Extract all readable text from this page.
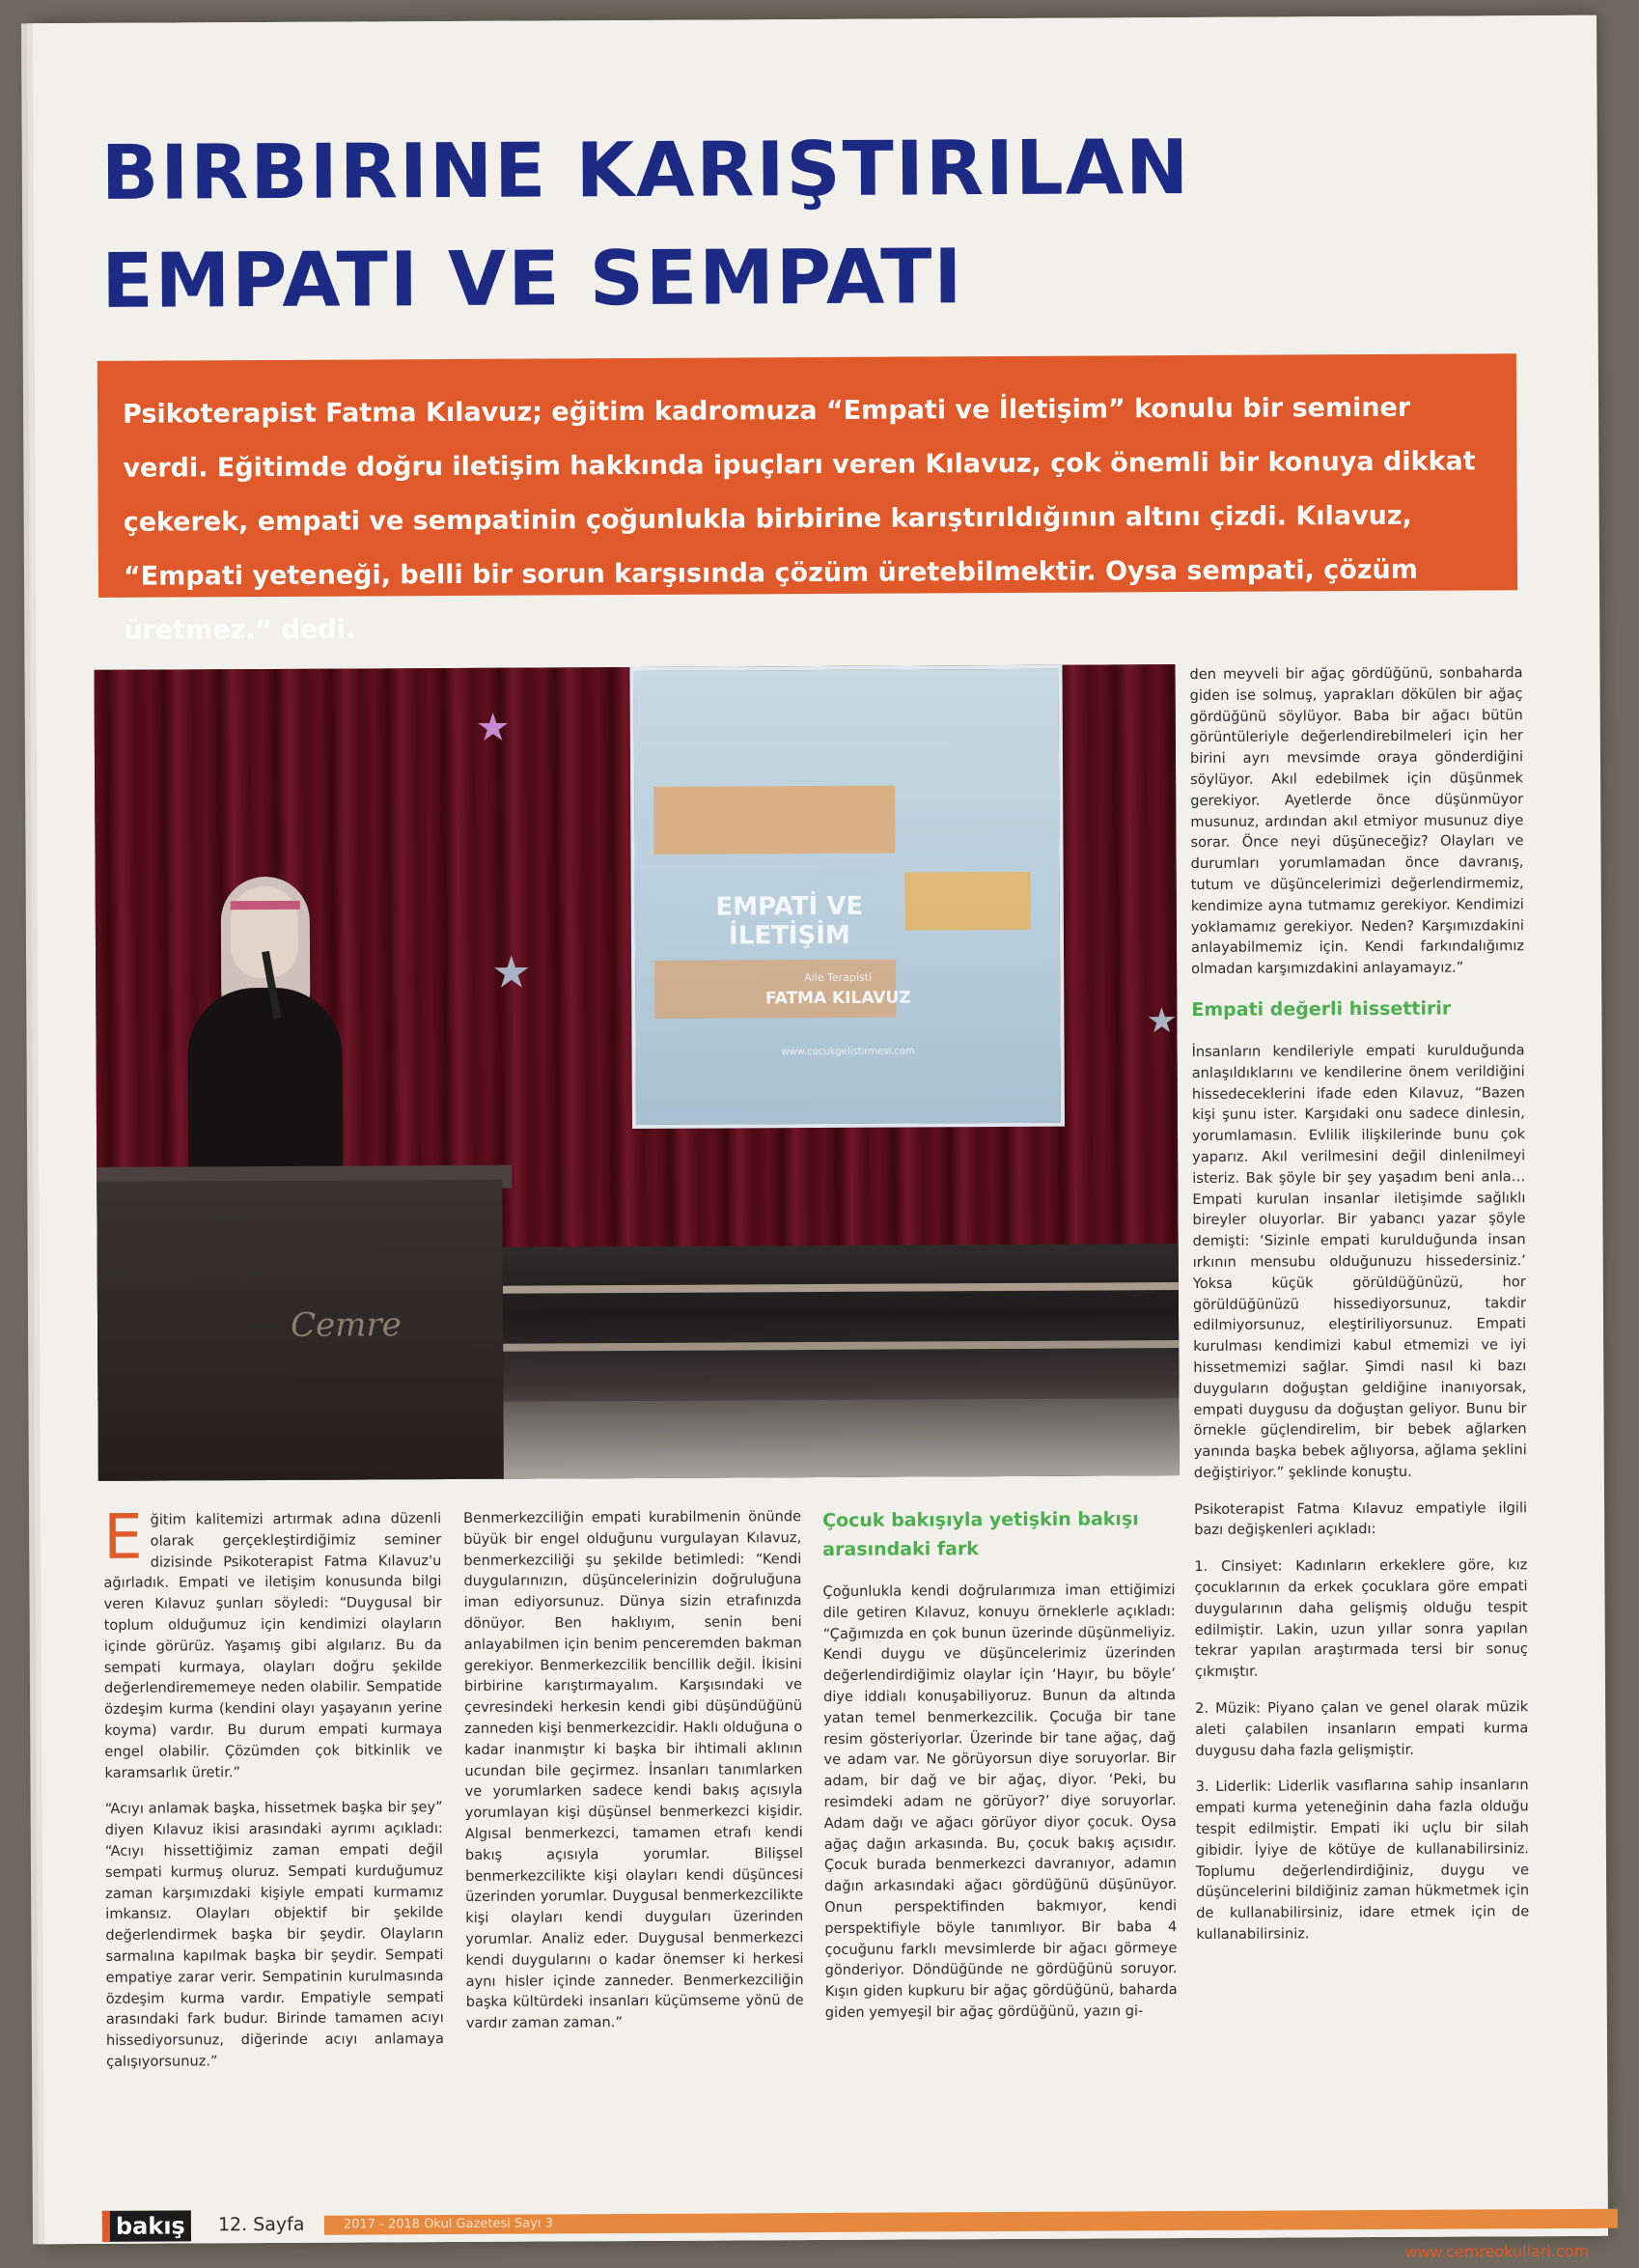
BIRBIRINE KARIŞTIRILAN
EMPATI VE SEMPATI
Psikoterapist Fatma Kılavuz; eğitim kadromuza “Empati ve İletişim” konulu bir seminer verdi. Eğitimde doğru iletişim hakkında ipuçları veren Kılavuz, çok önemli bir konuya dikkat çekerek, empati ve sempatinin çoğunlukla birbirine karıştırıldığının altını çizdi. Kılavuz, “Empati yeteneği, belli bir sorun karşısında çözüm üretebilmektir. Oysa sempati, çözüm üretmez.” dedi.
EMPATİ VE İLETİŞİM
Aile Terapisti
FATMA KILAVUZ
www.cocukgelistirmesi.com
★
★
★
Cemre

den meyveli bir ağaç gördüğünü, sonbaharda giden ise solmuş, yaprakları dökülen bir ağaç gördüğünü söylüyor. Baba bir ağacı bütün görüntüleriyle değerlendirebilmeleri için her birini ayrı mevsimde oraya gönderdiğini söylüyor. Akıl edebilmek için düşünmek gerekiyor. Ayetlerde önce düşünmüyor musunuz, ardından akıl etmiyor musunuz diye sorar. Önce neyi düşüneceğiz? Olayları ve durumları yorumlamadan önce davranış, tutum ve düşüncelerimizi değerlendirmemiz, kendimize ayna tutmamız gerekiyor. Kendimizi yoklamamız gerekiyor. Neden? Karşımızdakini anlayabilmemiz için. Kendi farkındalığımız olmadan karşımızdakini anlayamayız.”

Empati değerli hissettirir

İnsanların kendileriyle empati kurulduğunda anlaşıldıklarını ve kendilerine önem verildiğini hissedeceklerini ifade eden Kılavuz, “Bazen kişi şunu ister. Karşıdaki onu sadece dinlesin, yorumlamasın. Evlilik ilişkilerinde bunu çok yaparız. Akıl verilmesini değil dinlenilmeyi isteriz. Bak şöyle bir şey yaşadım beni anla… Empati kurulan insanlar iletişimde sağlıklı bireyler oluyorlar. Bir yabancı yazar şöyle demişti: ‘Sizinle empati kurulduğunda insan ırkının mensubu olduğunuzu hissedersiniz.’ Yoksa küçük görüldüğünüzü, hor görüldüğünüzü hissediyorsunuz, takdir edilmiyorsunuz, eleştiriliyorsunuz. Empati kurulması kendimizi kabul etmemizi ve iyi hissetmemizi sağlar. Şimdi nasıl ki bazı duyguların doğuştan geldiğine inanıyorsak, empati duygusu da doğuştan geliyor. Bunu bir örnekle güçlendirelim, bir bebek ağlarken yanında başka bebek ağlıyorsa, ağlama şeklini değiştiriyor.” şeklinde konuştu.

Psikoterapist Fatma Kılavuz empatiyle ilgili bazı değişkenleri açıkladı:

1. Cinsiyet: Kadınların erkeklere göre, kız çocuklarının da erkek çocuklara göre empati duygularının daha gelişmiş olduğu tespit edilmiştir. Lakin, uzun yıllar sonra yapılan tekrar yapılan araştırmada tersi bir sonuç çıkmıştır.

2. Müzik: Piyano çalan ve genel olarak müzik aleti çalabilen insanların empati kurma duygusu daha fazla gelişmiştir.

3. Liderlik: Liderlik vasıflarına sahip insanların empati kurma yeteneğinin daha fazla olduğu tespit edilmiştir. Empati iki uçlu bir silah gibidir. İyiye de kötüye de kullanabilirsiniz. Toplumu değerlendirdiğiniz, duygu ve düşüncelerini bildiğiniz zaman hükmetmek için de kullanabilirsiniz, idare etmek için de kullanabilirsiniz.

Eğitim kalitemizi artırmak adına düzenli olarak gerçekleştirdiğimiz seminer dizisinde Psikoterapist Fatma Kılavuz'u ağırladık. Empati ve iletişim konusunda bilgi veren Kılavuz şunları söyledi: “Duygusal bir toplum olduğumuz için kendimizi olayların içinde görürüz. Yaşamış gibi algılarız. Bu da sempati kurmaya, olayları doğru şekilde değerlendirememeye neden olabilir. Sempatide özdeşim kurma (kendini olayı yaşayanın yerine koyma) vardır. Bu durum empati kurmaya engel olabilir. Çözümden çok bitkinlik ve karamsarlık üretir.”

“Acıyı anlamak başka, hissetmek başka bir şey” diyen Kılavuz ikisi arasındaki ayrımı açıkladı: “Acıyı hissettiğimiz zaman empati değil sempati kurmuş oluruz. Sempati kurduğumuz zaman karşımızdaki kişiyle empati kurmamız imkansız. Olayları objektif bir şekilde değerlendirmek başka bir şeydir. Olayların sarmalına kapılmak başka bir şeydir. Sempati empatiye zarar verir. Sempatinin kurulmasında özdeşim kurma vardır. Empatiyle sempati arasındaki fark budur. Birinde tamamen acıyı hissediyorsunuz, diğerinde acıyı anlamaya çalışıyorsunuz.”

Benmerkezciliğin empati kurabilmenin önünde büyük bir engel olduğunu vurgulayan Kılavuz, benmerkezciliği şu şekilde betimledi: “Kendi duygularınızın, düşüncelerinizin doğruluğuna iman ediyorsunuz. Dünya sizin etrafınızda dönüyor. Ben haklıyım, senin beni anlayabilmen için benim penceremden bakman gerekiyor. Benmerkezcilik bencillik değil. İkisini birbirine karıştırmayalım. Karşısındaki ve çevresindeki herkesin kendi gibi düşündüğünü zanneden kişi benmerkezcidir. Haklı olduğuna o kadar inanmıştır ki başka bir ihtimali aklının ucundan bile geçirmez. İnsanları tanımlarken ve yorumlarken sadece kendi bakış açısıyla yorumlayan kişi düşünsel benmerkezci kişidir. Algısal benmerkezci, tamamen etrafı kendi bakış açısıyla yorumlar. Bilişsel benmerkezcilikte kişi olayları kendi düşüncesi üzerinden yorumlar. Duygusal benmerkezcilikte kişi olayları kendi duyguları üzerinden yorumlar. Analiz eder. Duygusal benmerkezci kendi duygularını o kadar önemser ki herkesi aynı hisler içinde zanneder. Benmerkezciliğin başka kültürdeki insanları küçümseme yönü de vardır zaman zaman.”

Çocuk bakışıyla yetişkin bakışı arasındaki fark

Çoğunlukla kendi doğrularımıza iman ettiğimizi dile getiren Kılavuz, konuyu örneklerle açıkladı: “Çağımızda en çok bunun üzerinde düşünmeliyiz. Kendi duygu ve düşüncelerimiz üzerinden değerlendirdiğimiz olaylar için ‘Hayır, bu böyle’ diye iddialı konuşabiliyoruz. Bunun da altında yatan temel benmerkezcilik. Çocuğa bir tane resim gösteriyorlar. Üzerinde bir tane ağaç, dağ ve adam var. Ne görüyorsun diye soruyorlar. Bir adam, bir dağ ve bir ağaç, diyor. ‘Peki, bu resimdeki adam ne görüyor?’ diye soruyorlar. Adam dağı ve ağacı görüyor diyor çocuk. Oysa ağaç dağın arkasında. Bu, çocuk bakış açısıdır. Çocuk burada benmerkezci davranıyor, adamın dağın arkasındaki ağacı gördüğünü düşünüyor. Onun perspektifinden bakmıyor, kendi perspektifiyle böyle tanımlıyor. Bir baba 4 çocuğunu farklı mevsimlerde bir ağacı görmeye gönderiyor. Döndüğünde ne gördüğünü soruyor. Kışın giden kupkuru bir ağaç gördüğünü, baharda giden yemyeşil bir ağaç gördüğünü, yazın gi-

bakış	12. Sayfa	2017 - 2018 Okul Gazetesi Sayı 3
www.cemreokullari.com
